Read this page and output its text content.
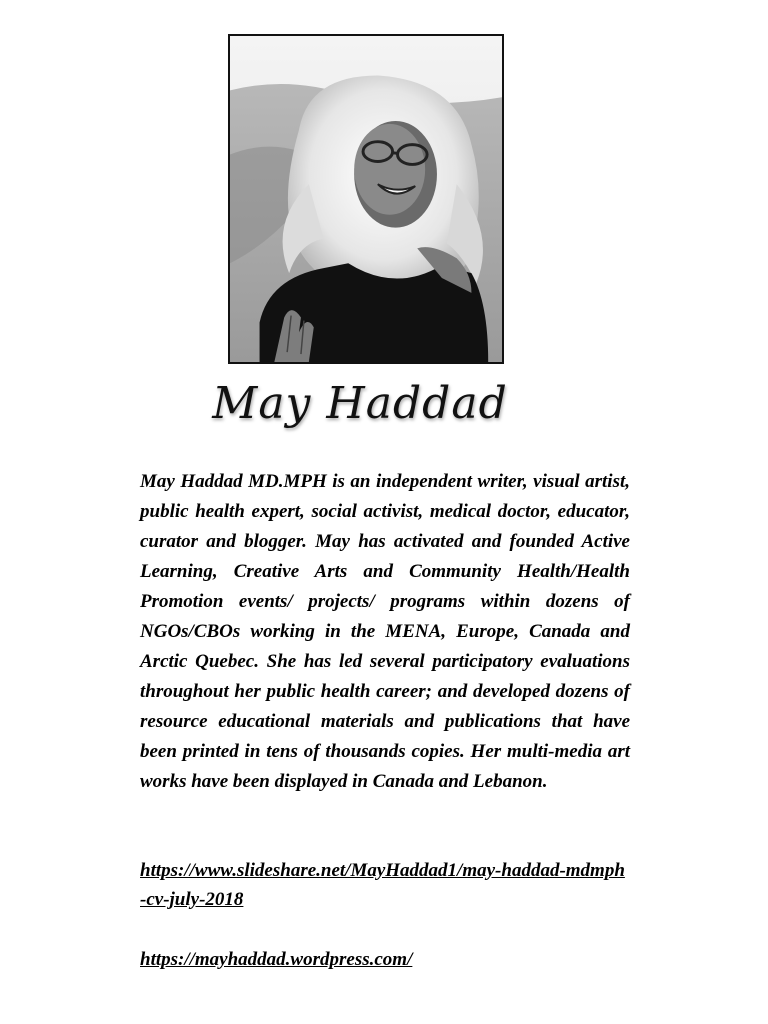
May Haddad

May Haddad MD.MPH is an independent writer, visual artist, public health expert, social activist, medical doctor, educator, curator and blogger. May has activated and founded Active Learning, Creative Arts and Community Health/Health Promotion events/ projects/ programs within dozens of NGOs/CBOs working in the MENA, Europe, Canada and Arctic Quebec. She has led several participatory evaluations throughout her public health career; and developed dozens of resource educational materials and publications that have been printed in tens of thousands copies. Her multi-media art works have been displayed in Canada and Lebanon.

https://www.slideshare.net/MayHaddad1/may-haddad-mdmph-cv-july-2018
https://mayhaddad.wordpress.com/
